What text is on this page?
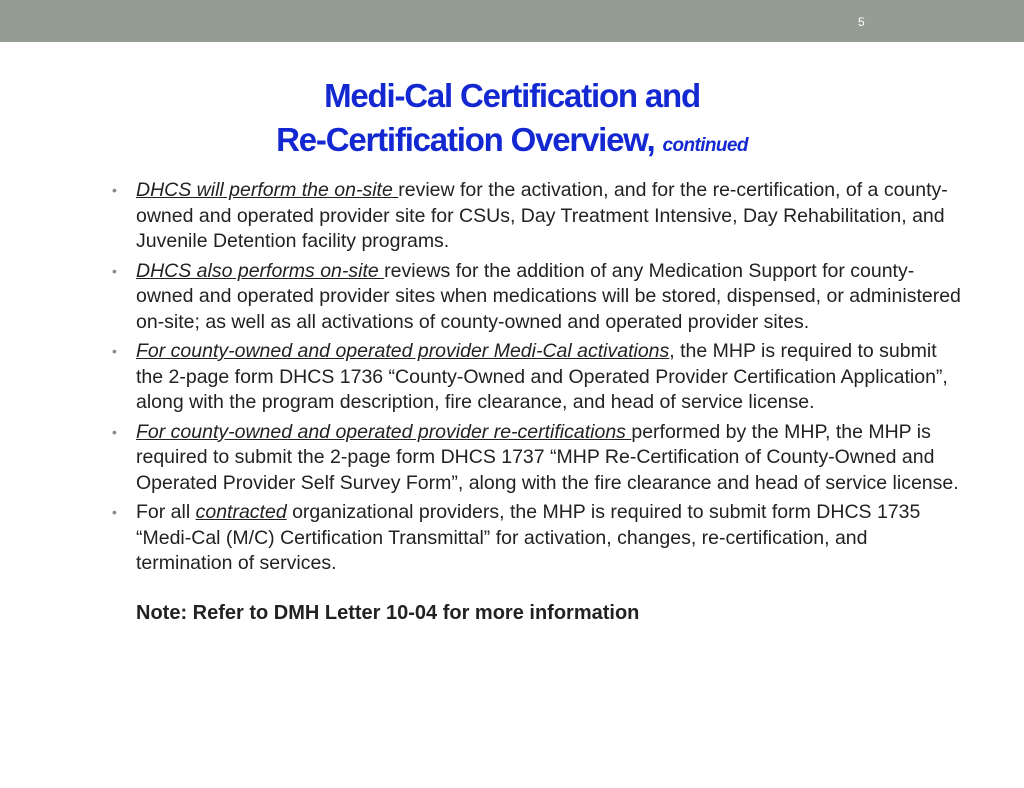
5
Medi-Cal Certification and
Re-Certification Overview, continued
• DHCS will perform the on-site review for the activation, and for the re-certification, of a county-owned and operated provider site for CSUs, Day Treatment Intensive, Day Rehabilitation, and Juvenile Detention facility programs.
• DHCS also performs on-site reviews for the addition of any Medication Support for county-owned and operated provider sites when medications will be stored, dispensed, or administered on-site; as well as all activations of county-owned and operated provider sites.
• For county-owned and operated provider Medi-Cal activations, the MHP is required to submit the 2-page form DHCS 1736 “County-Owned and Operated Provider Certification Application”, along with the program description, fire clearance, and head of service license.
• For county-owned and operated provider re-certifications performed by the MHP, the MHP is required to submit the 2-page form DHCS 1737 “MHP Re-Certification of County-Owned and Operated Provider Self Survey Form”, along with the fire clearance and head of service license.
• For all contracted organizational providers, the MHP is required to submit form DHCS 1735 “Medi-Cal (M/C) Certification Transmittal” for activation, changes, re-certification, and termination of services.
Note: Refer to DMH Letter 10-04 for more information
